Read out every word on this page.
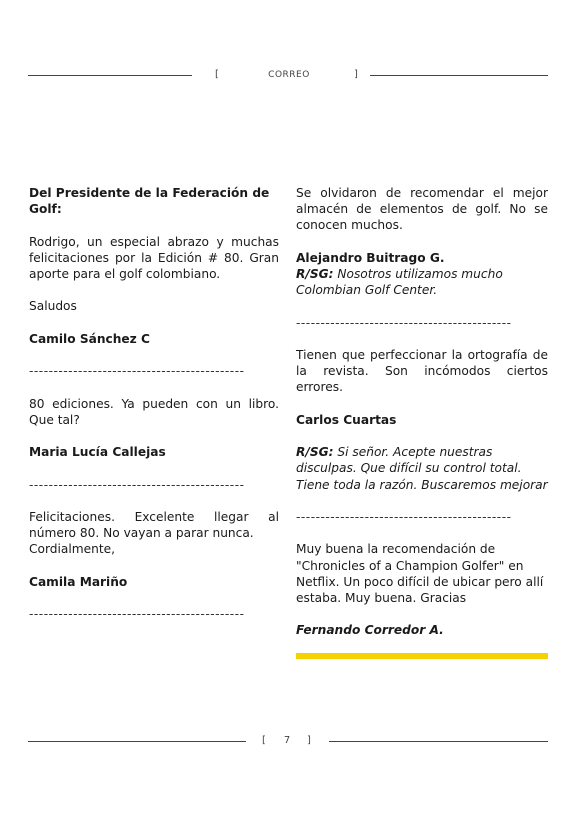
[	CORREO	]

Del Presidente de la Federación de Golf:

Rodrigo, un especial abrazo y muchas felicitaciones por la Edición # 80. Gran aporte para el golf colombiano.

Saludos

Camilo Sánchez C

--------------------------------------------

80 ediciones. Ya pueden con un libro. Que tal?

Maria Lucía Callejas

--------------------------------------------

Felicitaciones. Excelente llegar al número 80. No vayan a parar nunca.

Cordialmente,

Camila Mariño

--------------------------------------------

Se olvidaron de recomendar el mejor almacén de elementos de golf. No se conocen muchos.

Alejandro Buitrago G.

R/SG: Nosotros utilizamos mucho Colombian Golf Center.

--------------------------------------------

Tienen que perfeccionar la ortografía de la revista. Son incómodos ciertos errores.

Carlos Cuartas

R/SG: Si señor. Acepte nuestras disculpas. Que difícil su control total. Tiene toda la razón. Buscaremos mejorar

--------------------------------------------

Muy buena la recomendación de "Chronicles of a Champion Golfer" en Netflix. Un poco difícil de ubicar pero allí estaba. Muy buena. Gracias

Fernando Corredor A.

[	7	]
